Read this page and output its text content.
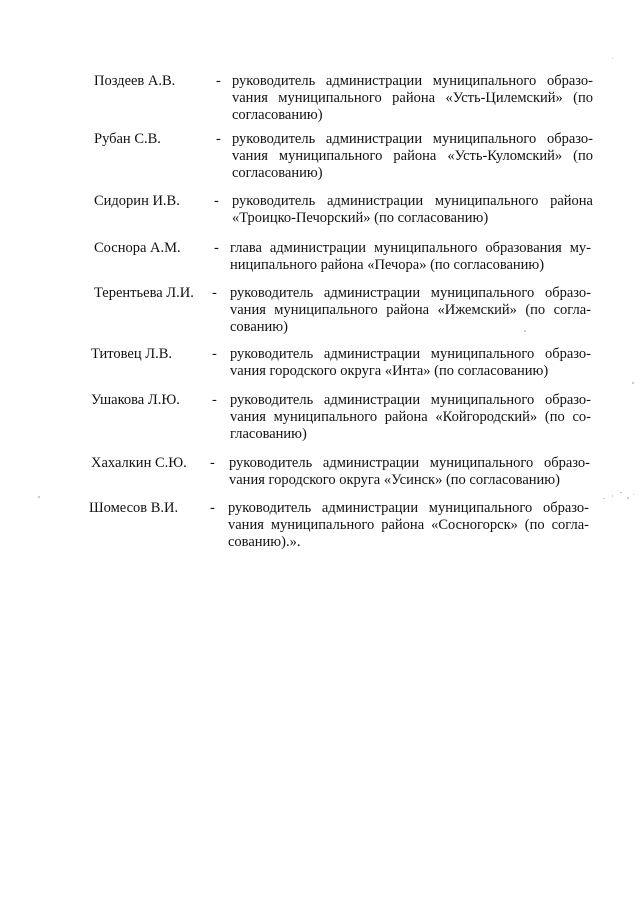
Поздеев А.В.	- руководитель администрации муниципального образоvания муниципального района «Усть-Цилемский» (по согласованию)
Рубан С.В.	- руководитель администрации муниципального образоvания муниципального района «Усть-Куломский» (по согласованию)
Сидорин И.В. - руководитель администрации муниципального района «Троицко-Печорский» (по согласованию)
Соснора А.М. - глава администрации муниципального образования муниципального района «Печора» (по согласованию)
Терентьева Л.И. - руководитель администрации муниципального образоvания муниципального района «Ижемский» (по согласованию)
Титовец Л.В.	- руководитель администрации муниципального образоvания городского округа «Инта» (по согласованию)
Ушакова Л.Ю. - руководитель администрации муниципального образоvания муниципального района «Койгородский» (по согласованию)
Хахалкин С.Ю. - руководитель администрации муниципального образоvания городского округа «Усинск» (по согласованию)
Шомесов В.И. - руководитель администрации муниципального образоvания муниципального района «Сосногорск» (по согласованию).».
